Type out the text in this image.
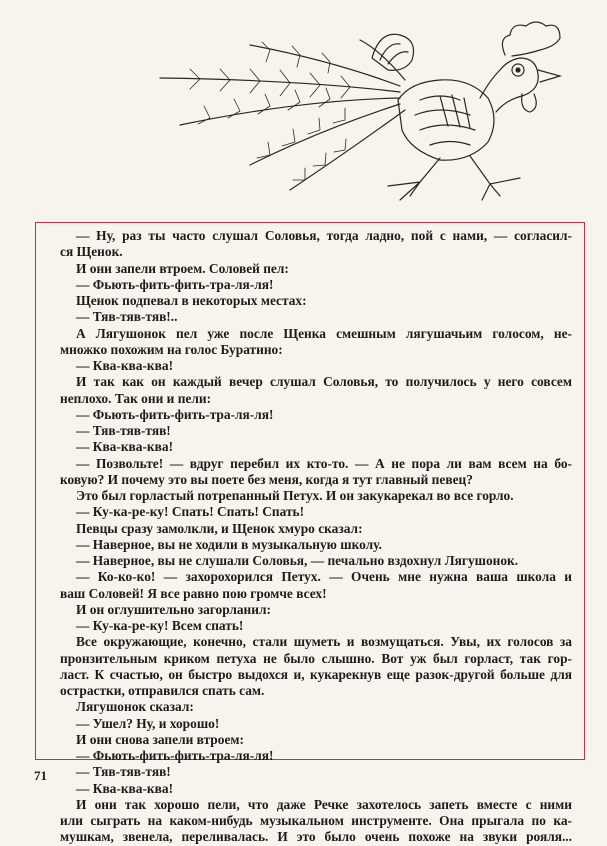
— Ну, раз ты часто слушал Соловья, тогда ладно, пой с нами, — согласил-

ся Щенок.

И они запели втроем. Соловей пел:

— Фьють-фить-фить-тра-ля-ля!

Щенок подпевал в некоторых местах:

— Тяв-тяв-тяв!..

А Лягушонок пел уже после Щенка смешным лягушачьим голосом, не-

множко похожим на голос Буратино:

— Ква-ква-ква!

И так как он каждый вечер слушал Соловья, то получилось у него совсем

неплохо. Так они и пели:

— Фьють-фить-фить-тра-ля-ля!

— Тяв-тяв-тяв!

— Ква-ква-ква!

— Позвольте! — вдруг перебил их кто-то. — А не пора ли вам всем на бо-

ковую? И почему это вы поете без меня, когда я тут главный певец?

Это был горластый потрепанный Петух. И он закукарекал во все горло.

— Ку-ка-ре-ку! Спать! Спать! Спать!

Певцы сразу замолкли, и Щенок хмуро сказал:

— Наверное, вы не ходили в музыкальную школу.

— Наверное, вы не слушали Соловья, — печально вздохнул Лягушонок.

— Ко-ко-ко! — захорохорился Петух. — Очень мне нужна ваша школа и

ваш Соловей! Я все равно пою громче всех!

И он оглушительно загорланил:

— Ку-ка-ре-ку! Всем спать!

Все окружающие, конечно, стали шуметь и возмущаться. Увы, их голосов за

пронзительным криком петуха не было слышно. Вот уж был горласт, так гор-

ласт. К счастью, он быстро выдохся и, кукарекнув еще разок-другой больше для

острастки, отправился спать сам.

Лягушонок сказал:

— Ушел? Ну, и хорошо!

И они снова запели втроем:

— Фьють-фить-фить-тра-ля-ля!

— Тяв-тяв-тяв!

— Ква-ква-ква!

И они так хорошо пели, что даже Речке захотелось запеть вместе с ними

или сыграть на каком-нибудь музыкальном инструменте. Она прыгала по ка-

мушкам, звенела, переливалась. И это было очень похоже на звуки рояля...

71
